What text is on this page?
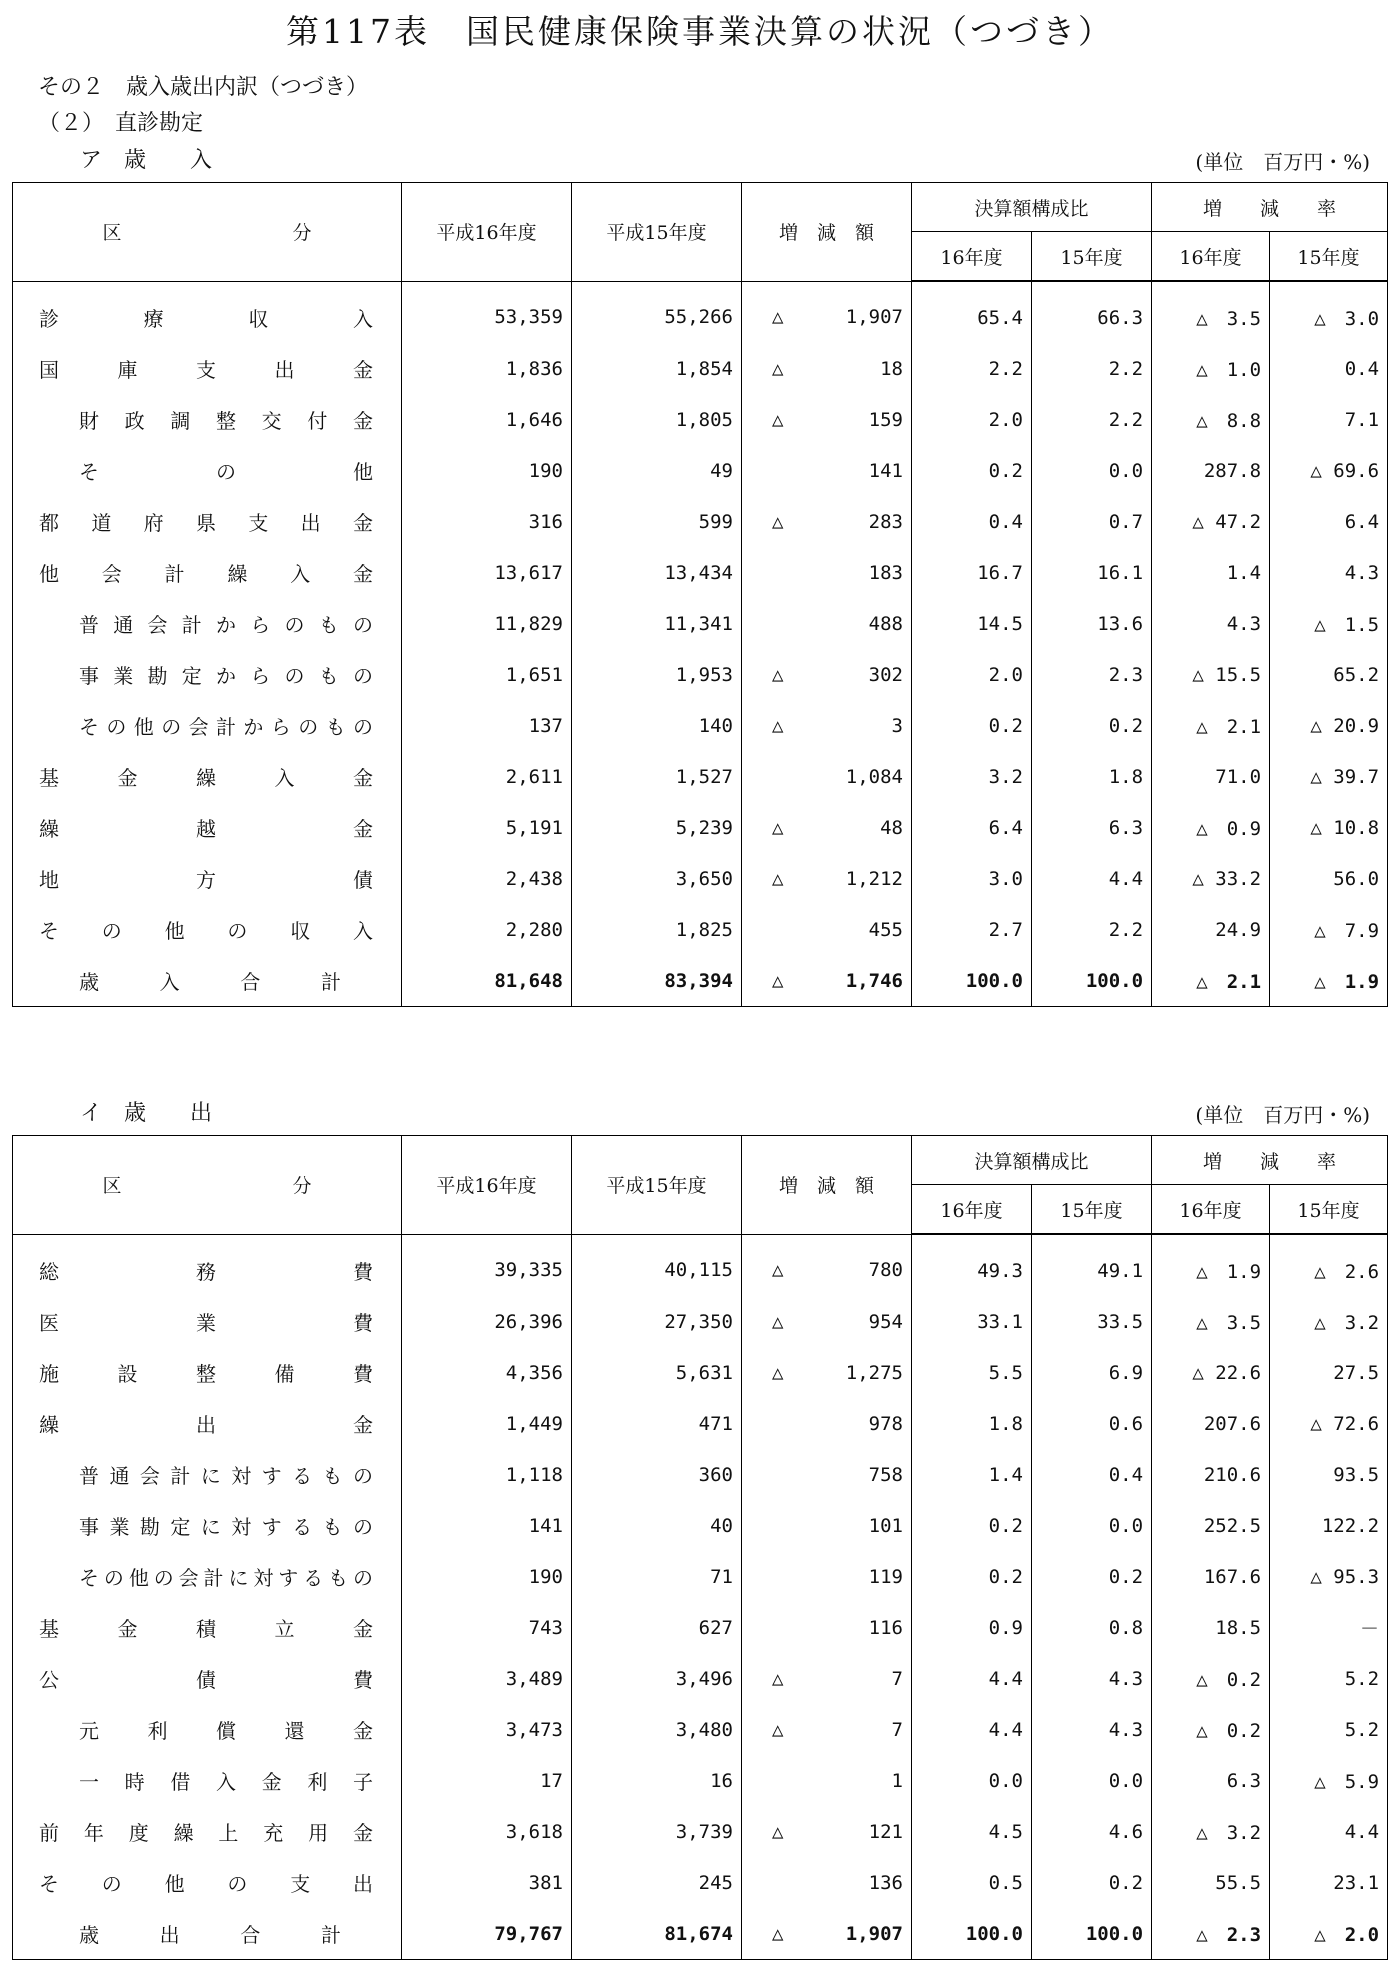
第117表　国民健康保険事業決算の状況（つづき）
その２　歳入歳出内訳（つづき）
（２）　直診勘定
ア　歳　　入	(単位　百万円・%)
区　　　　　　　　　分	平成16年度	平成15年度	増　減　額	決算額構成比		増　　減　　率	
				16年度	15年度	16年度	15年度

診療収入	53,359	55,266	△ 1,907	65.4	66.3	△　3.5	△　3.0

国庫支出金	1,836	1,854	△ 18	2.2	2.2	△　1.0	0.4

財政調整交付金	1,646	1,805	△ 159	2.0	2.2	△　8.8	7.1

その他	190	49	141	0.2	0.0	287.8	△ 69.6

都道府県支出金	316	599	△ 283	0.4	0.7	△ 47.2	6.4

他会計繰入金	13,617	13,434	183	16.7	16.1	1.4	4.3

普通会計からのもの	11,829	11,341	488	14.5	13.6	4.3	△　1.5

事業勘定からのもの	1,651	1,953	△ 302	2.0	2.3	△ 15.5	65.2

その他の会計からのもの	137	140	△ 3	0.2	0.2	△　2.1	△ 20.9

基金繰入金	2,611	1,527	1,084	3.2	1.8	71.0	△ 39.7

繰越金	5,191	5,239	△ 48	6.4	6.3	△　0.9	△ 10.8

地方債	2,438	3,650	△ 1,212	3.0	4.4	△ 33.2	56.0

その他の収入	2,280	1,825	455	2.7	2.2	24.9	△　7.9

歳入合計	81,648	83,394	△ 1,746	100.0	100.0	△　2.1	△　1.9
イ　歳　　出	(単位　百万円・%)
区　　　　　　　　　分	平成16年度	平成15年度	増　減　額	決算額構成比		増　　減　　率	
				16年度	15年度	16年度	15年度

総務費	39,335	40,115	△ 780	49.3	49.1	△　1.9	△　2.6

医業費	26,396	27,350	△ 954	33.1	33.5	△　3.5	△　3.2

施設整備費	4,356	5,631	△ 1,275	5.5	6.9	△ 22.6	27.5

繰出金	1,449	471	978	1.8	0.6	207.6	△ 72.6

普通会計に対するもの	1,118	360	758	1.4	0.4	210.6	93.5

事業勘定に対するもの	141	40	101	0.2	0.0	252.5	122.2

その他の会計に対するもの	190	71	119	0.2	0.2	167.6	△ 95.3

基金積立金	743	627	116	0.9	0.8	18.5	－

公債費	3,489	3,496	△ 7	4.4	4.3	△　0.2	5.2

元利償還金	3,473	3,480	△ 7	4.4	4.3	△　0.2	5.2

一時借入金利子	17	16	1	0.0	0.0	6.3	△　5.9

前年度繰上充用金	3,618	3,739	△ 121	4.5	4.6	△　3.2	4.4

その他の支出	381	245	136	0.5	0.2	55.5	23.1

歳出合計	79,767	81,674	△ 1,907	100.0	100.0	△　2.3	△　2.0
